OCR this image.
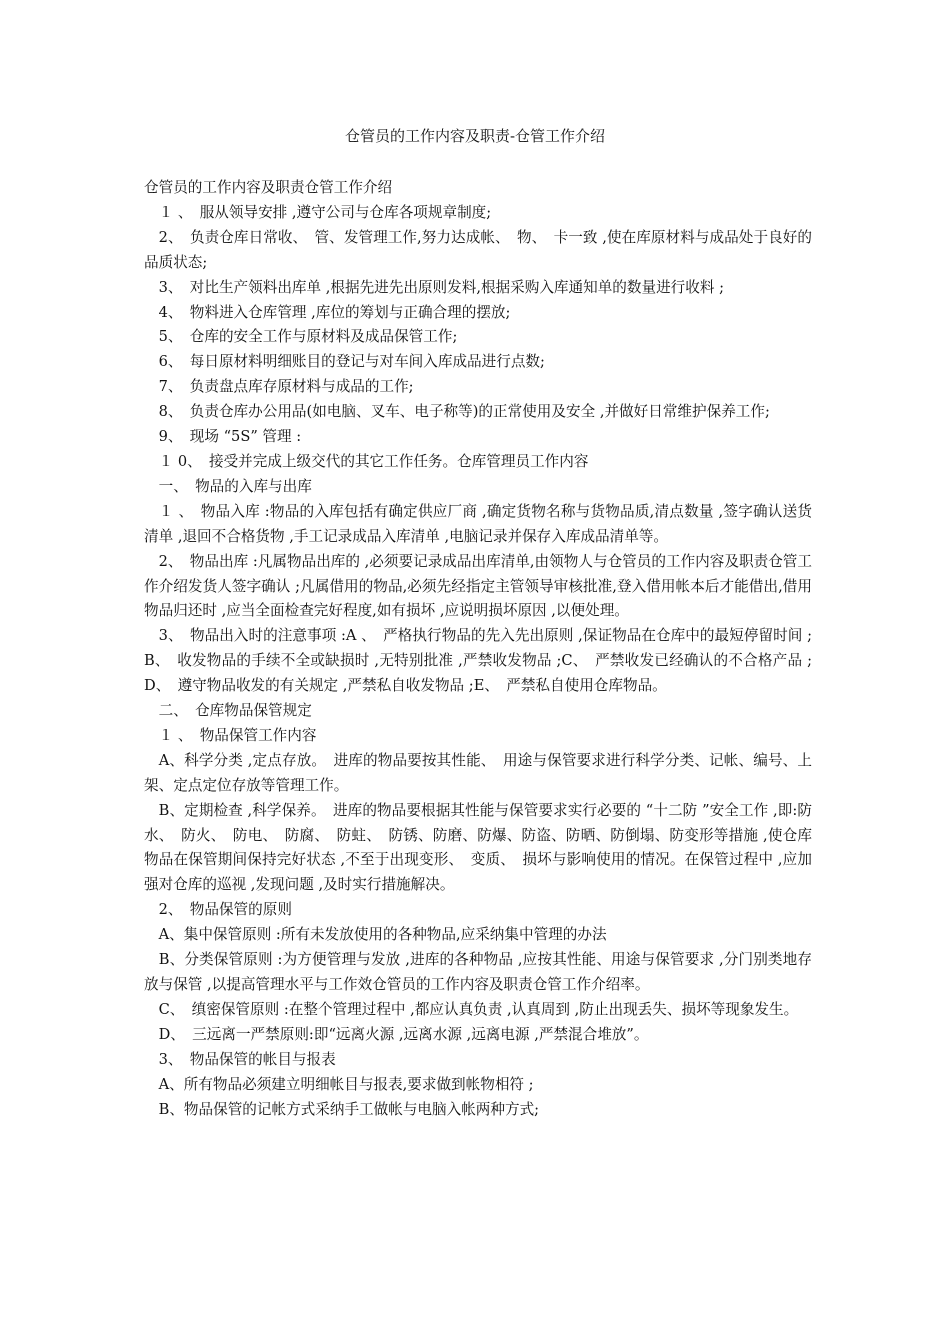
仓管员的工作内容及职责-仓管工作介绍

仓管员的工作内容及职责仓管工作介绍

　１ 、　服从领导安排 ,遵守公司与仓库各项规章制度;

　2、　负责仓库日常收、　管、发管理工作,努力达成帐、　物、　卡一致 ,使在库原材料与成品处于良好的品质状态;

　3、　对比生产领料出库单 ,根据先进先出原则发料,根据采购入库通知单的数量进行收料 ;

　4、　物料进入仓库管理 ,库位的筹划与正确合理的摆放;

　5、　仓库的安全工作与原材料及成品保管工作;

　6、　每日原材料明细账目的登记与对车间入库成品进行点数;

　7、　负责盘点库存原材料与成品的工作;

　8、　负责仓库办公用品(如电脑、叉车、电子称等)的正常使用及安全 ,并做好日常维护保养工作;

　9、　现场 “5S” 管理 :

　１ 0、　接受并完成上级交代的其它工作任务。仓库管理员工作内容

　一、　物品的入库与出库

　１ 、　物品入库 :物品的入库包括有确定供应厂商 ,确定货物名称与货物品质,清点数量 ,签字确认送货清单 ,退回不合格货物 ,手工记录成品入库清单 ,电脑记录并保存入库成品清单等。

　2、　物品出库 :凡属物品出库的 ,必须要记录成品出库清单,由领物人与仓管员的工作内容及职责仓管工作介绍发货人签字确认 ;凡属借用的物品,必须先经指定主管领导审核批准,登入借用帐本后才能借出,借用物品归还时 ,应当全面检查完好程度,如有损坏 ,应说明损坏原因 ,以便处理。

　3、　物品出入时的注意事项 :A 、　严格执行物品的先入先出原则 ,保证物品在仓库中的最短停留时间 ;B、　收发物品的手续不全或缺损时 ,无特别批准 ,严禁收发物品 ;C、　严禁收发已经确认的不合格产品 ;D、　遵守物品收发的有关规定 ,严禁私自收发物品 ;E、　严禁私自使用仓库物品。

　二、　仓库物品保管规定

　１ 、　物品保管工作内容

　A、科学分类 ,定点存放。　进库的物品要按其性能、　用途与保管要求进行科学分类、记帐、编号、上架、定点定位存放等管理工作。

　B、定期检查 ,科学保养。　进库的物品要根据其性能与保管要求实行必要的 “十二防 ”安全工作 ,即:防水、　防火、　防电、　防腐、　防蛀、　防锈、防磨、防爆、防盗、防晒、防倒塌、防变形等措施 ,使仓库物品在保管期间保持完好状态 ,不至于出现变形、　变质、　损坏与影响使用的情况。在保管过程中 ,应加强对仓库的巡视 ,发现问题 ,及时实行措施解决。

　2、　物品保管的原则

　A、集中保管原则 :所有未发放使用的各种物品,应采纳集中管理的办法

　B、分类保管原则 :为方便管理与发放 ,进库的各种物品 ,应按其性能、用途与保管要求 ,分门别类地存放与保管 ,以提高管理水平与工作效仓管员的工作内容及职责仓管工作介绍率。

　C、　缜密保管原则 :在整个管理过程中 ,都应认真负责 ,认真周到 ,防止出现丢失、损坏等现象发生。

　D、　三远离一严禁原则:即“远离火源 ,远离水源 ,远离电源 ,严禁混合堆放”。

　3、　物品保管的帐目与报表

　A、所有物品必须建立明细帐目与报表,要求做到帐物相符 ;

　B、物品保管的记帐方式采纳手工做帐与电脑入帐两种方式;
